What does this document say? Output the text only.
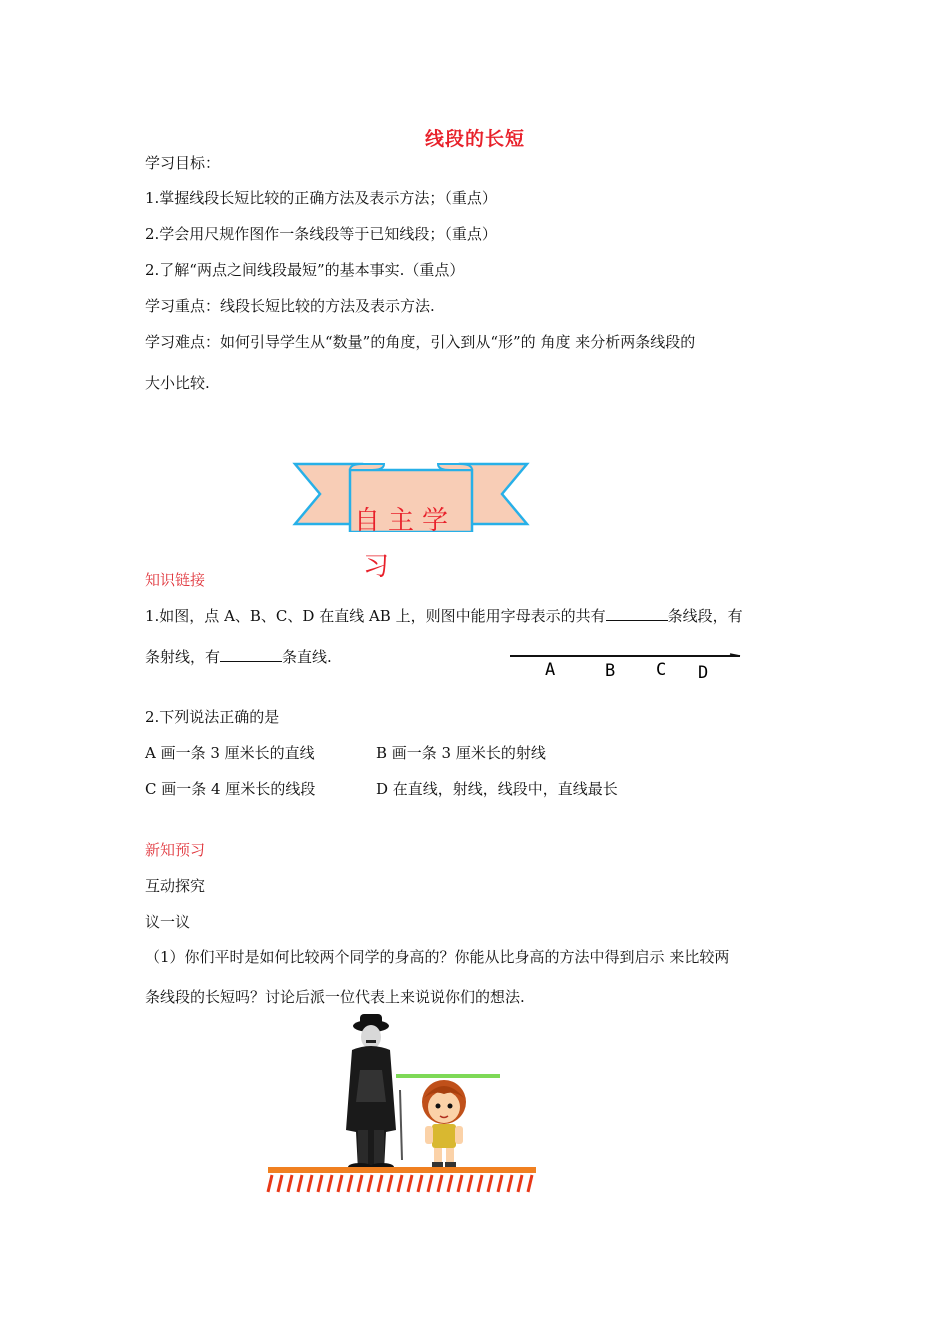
线段的长短
学习目标：
1.掌握线段长短比较的正确方法及表示方法；（重点）
2.学会用尺规作图作一条线段等于已知线段；（重点）
2.了解“两点之间线段最短”的基本事实.（重点）
学习重点：线段长短比较的方法及表示方法.
学习难点：如何引导学生从“数量”的角度，引入到从“形”的 角度 来分析两条线段的
大小比较.
自主学
习
知识链接
1.如图，点 A、B、C、D 在直线 AB 上，则图中能用字母表示的共有	条线段，有
条射线，有	条直线.
A	B C D
2.下列说法正确的是
A 画一条 3 厘米长的直线	B 画一条 3 厘米长的射线
C 画一条 4 厘米长的线段	D 在直线，射线，线段中，直线最长
新知预习
互动探究
议一议
（1）你们平时是如何比较两个同学的身高的？你能从比身高的方法中得到启示 来比较两
条线段的长短吗？讨论后派一位代表上来说说你们的想法.
